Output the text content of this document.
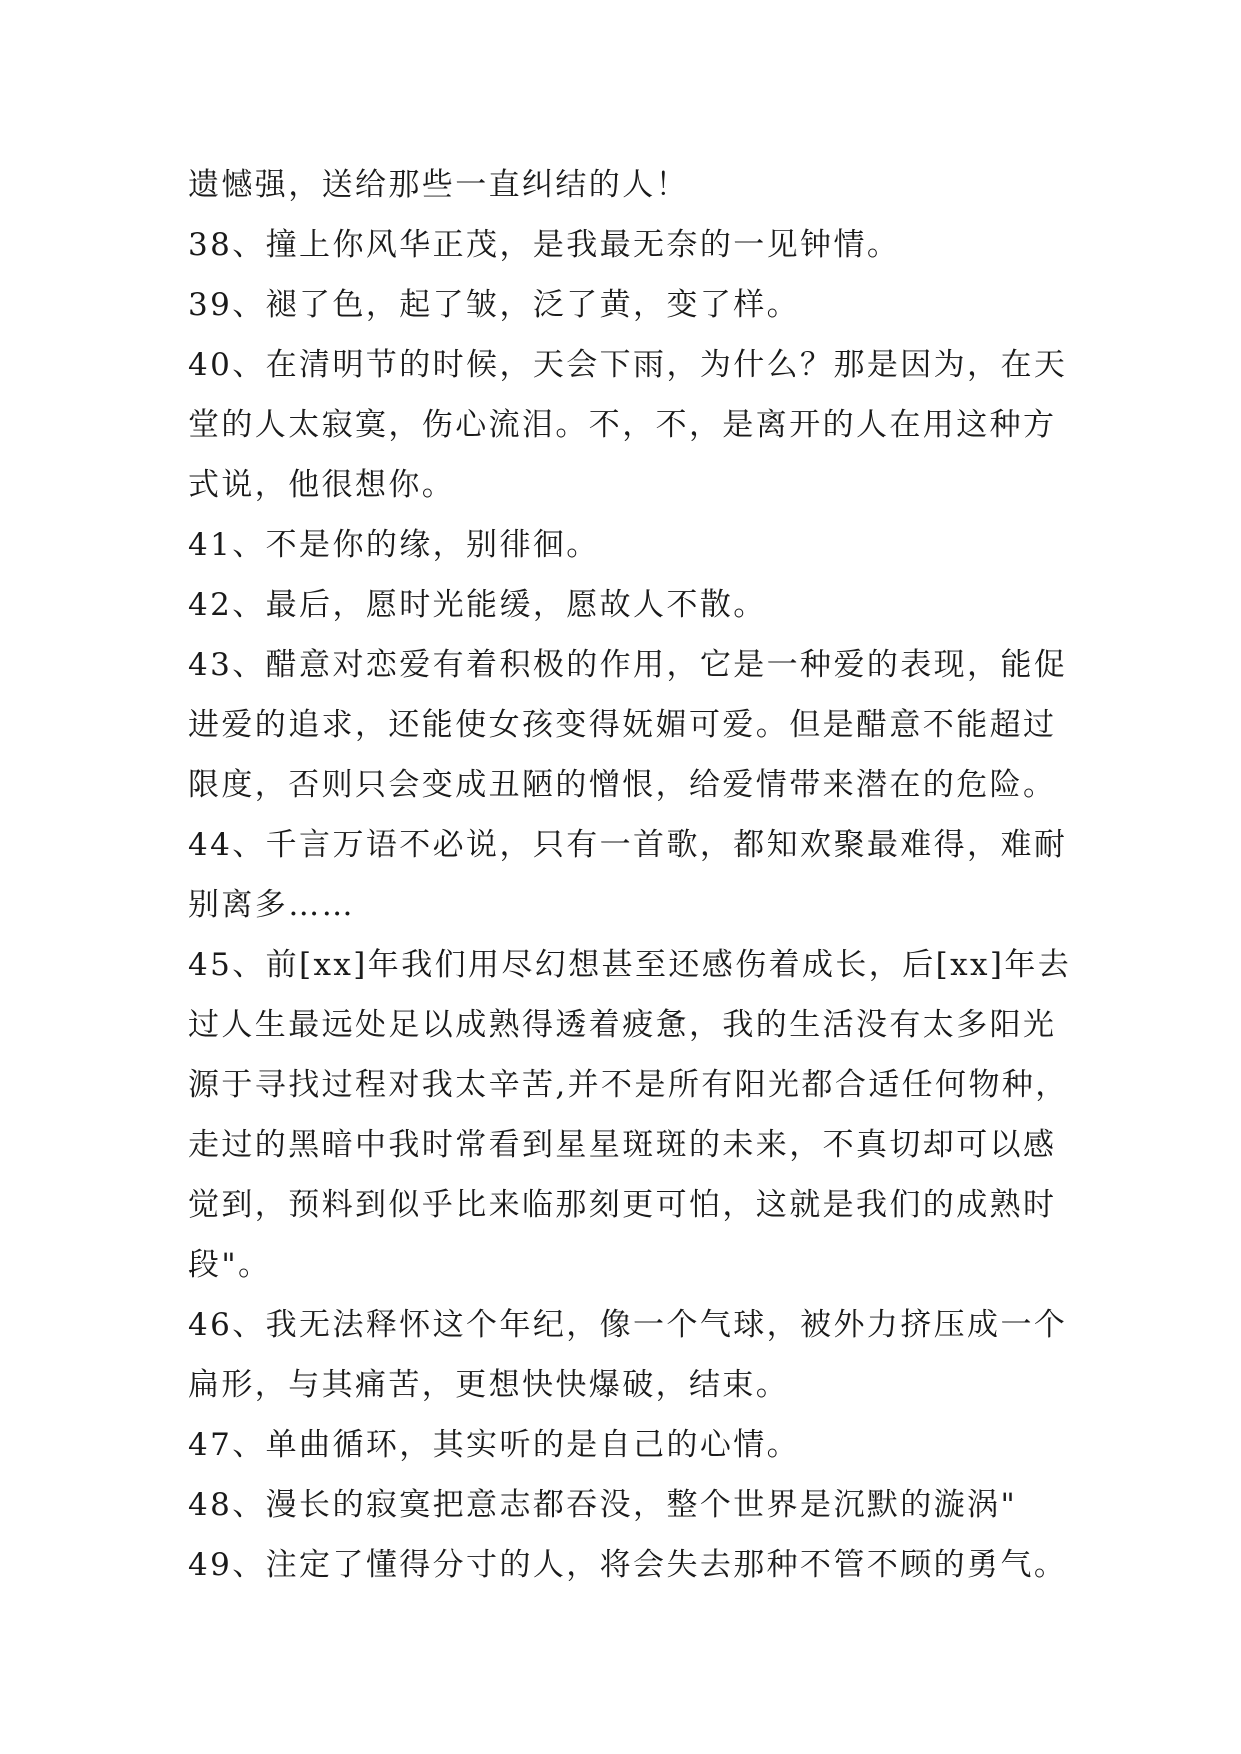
遗憾强，送给那些一直纠结的人！
38、撞上你风华正茂，是我最无奈的一见钟情。
39、褪了色，起了皱，泛了黄，变了样。
40、在清明节的时候，天会下雨，为什么？那是因为，在天
堂的人太寂寞，伤心流泪。不，不，是离开的人在用这种方
式说，他很想你。
41、不是你的缘，别徘徊。
42、最后，愿时光能缓，愿故人不散。
43、醋意对恋爱有着积极的作用，它是一种爱的表现，能促
进爱的追求，还能使女孩变得妩媚可爱。但是醋意不能超过
限度，否则只会变成丑陋的憎恨，给爱情带来潜在的危险。
44、千言万语不必说，只有一首歌，都知欢聚最难得，难耐
别离多……
45、前[xx]年我们用尽幻想甚至还感伤着成长，后[xx]年去
过人生最远处足以成熟得透着疲惫，我的生活没有太多阳光
源于寻找过程对我太辛苦,并不是所有阳光都合适任何物种，
走过的黑暗中我时常看到星星斑斑的未来，不真切却可以感
觉到，预料到似乎比来临那刻更可怕，这就是我们的成熟时
段"。
46、我无法释怀这个年纪，像一个气球，被外力挤压成一个
扁形，与其痛苦，更想快快爆破，结束。
47、单曲循环，其实听的是自己的心情。
48、漫长的寂寞把意志都吞没，整个世界是沉默的漩涡"
49、注定了懂得分寸的人，将会失去那种不管不顾的勇气。
